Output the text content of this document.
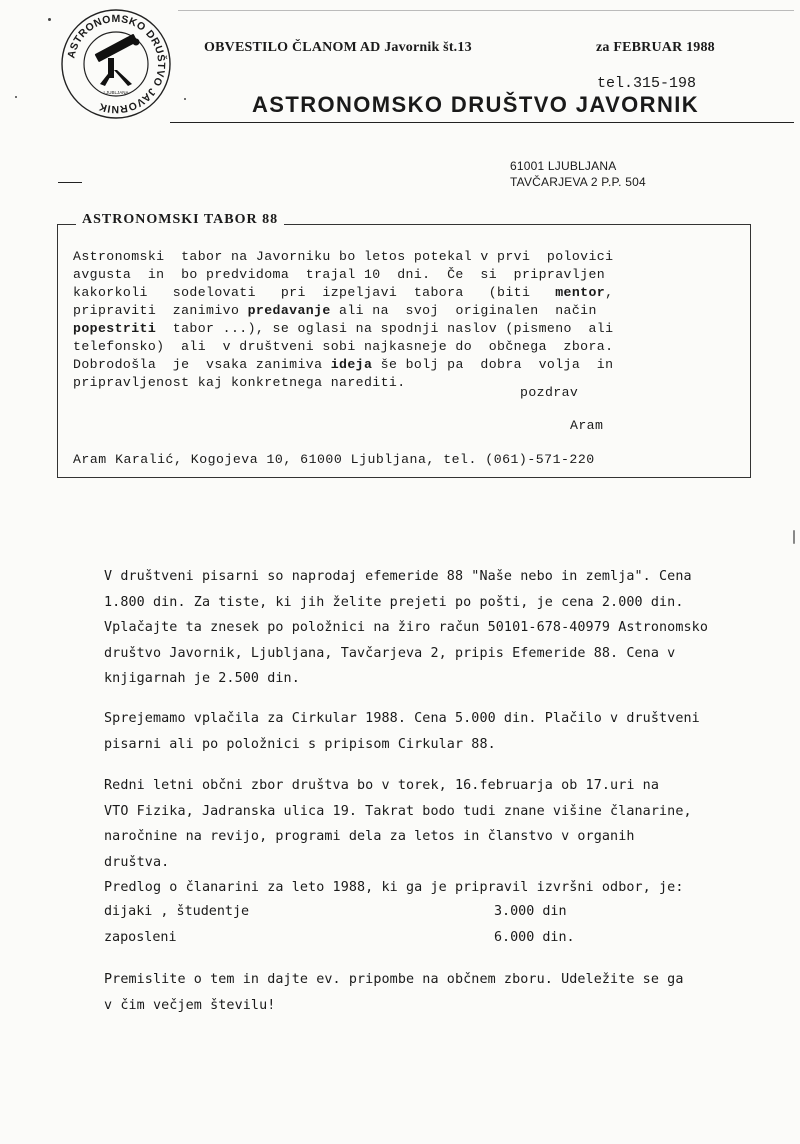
ASTRONOMSKO DRUŠTVO JAVORNIK
LJUBLJANA
OBVESTILO ČLANOM AD Javornik št.13	za FEBRUAR 1988
tel.315-198
ASTRONOMSKO DRUŠTVO JAVORNIK
61001 LJUBLJANA
TAVČARJEVA 2 P.P. 504
ASTRONOMSKI TABOR 88
Astronomski  tabor na Javorniku bo letos potekal v prvi  polovici
avgusta  in  bo predvidoma  trajal 10  dni.  Če  si  pripravljen
kakorkoli   sodelovati   pri  izpeljavi  tabora   (biti   mentor,
pripraviti  zanimivo predavanje ali na  svoj  originalen  način
popestriti  tabor ...), se oglasi na spodnji naslov (pismeno  ali
telefonsko)  ali  v društveni sobi najkasneje do  občnega  zbora.
Dobrodošla  je  vsaka zanimiva ideja še bolj pa  dobra  volja  in
pripravljenost kaj konkretnega narediti.
pozdrav
Aram
Aram Karalić, Kogojeva 10, 61000 Ljubljana, tel. (061)-571-220
V društveni pisarni so naprodaj efemeride 88 "Naše nebo in zemlja". Cena
1.800 din. Za tiste, ki jih želite prejeti po pošti, je cena 2.000 din.
Vplačajte ta znesek po položnici na žiro račun 50101-678-40979 Astronomsko
društvo Javornik, Ljubljana, Tavčarjeva 2, pripis Efemeride 88. Cena v
knjigarnah je 2.500 din.
Sprejemamo vplačila za Cirkular 1988. Cena 5.000 din. Plačilo v društveni
pisarni ali po položnici s pripisom Cirkular 88.
Redni letni občni zbor društva bo v torek, 16.februarja ob 17.uri na
VTO Fizika, Jadranska ulica 19. Takrat bodo tudi znane višine članarine,
naročnine na revijo, programi dela za letos in članstvo v organih
društva.
Predlog o članarini za leto 1988, ki ga je pripravil izvršni odbor, je:
dijaki , študentje	3.000 din
zaposleni	6.000 din.
Premislite o tem in dajte ev. pripombe na občnem zboru. Udeležite se ga
v čim večjem številu!
